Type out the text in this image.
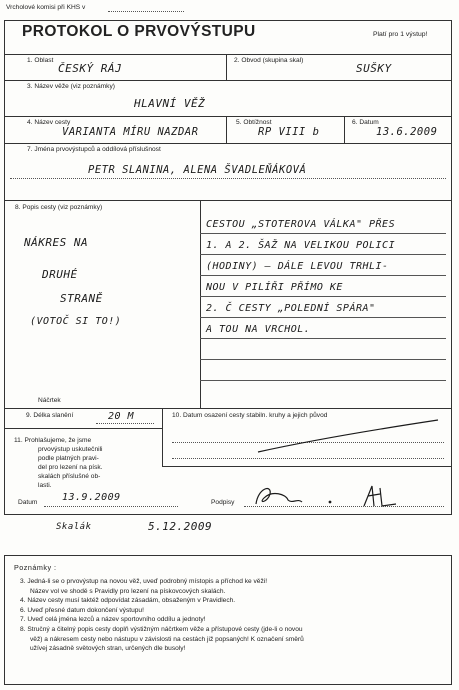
Vrcholové komisi při KHS v
PROTOKOL O PRVOVÝSTUPU	Platí pro 1 výstup!
1. Oblast
ČESKÝ RÁJ
2. Obvod (skupina skal)
SUŠKY
3. Název věže (viz poznámky)
HLAVNÍ VĚŽ
4. Název cesty
VARIANTA MÍRU NAZDAR
5. Obtížnost
RP VIII b
6. Datum
13.6.2009
7. Jména prvovýstupců a oddílová příslušnost
PETR SLANINA, ALENA ŠVADLEŇÁKOVÁ
8. Popis cesty (viz poznámky)
NÁKRES NA
DRUHÉ
STRANĚ
(VOTOČ SI TO!)
CESTOU „STOTEROVA VÁLKA" PŘES
1. A 2. ŠAŽ NA VELIKOU POLICI
(HODINY) – DÁLE LEVOU TRHLI-
NOU V PILÍŘI PŘÍMO KE
2. Č CESTY „POLEDNÍ SPÁRA"
A TOU NA VRCHOL.
Náčrtek
9. Délka slanění	20 M	10. Datum osazení cesty stabiln. kruhy a jejich původ
11. Prohlašujeme, že jsme
prvovýstup uskutečnili
podle platných pravi-
del pro lezení na písk.
skalách příslušné ob-
lasti.
Datum 13.9.2009	Podpisy
Skalák	5.12.2009
Poznámky :
3. Jedná-li se o prvovýstup na novou věž, uveď podrobný místopis a příchod ke věži!
Název vol ve shodě s Pravidly pro lezení na pískovcových skalách.
4. Název cesty musí taktéž odpovídat zásadám, obsaženým v Pravidlech.
6. Uveď přesné datum dokončení výstupu!
7. Uveď celá jména lezců a název sportovního oddílu a jednoty!
8. Stručný a čitelný popis cesty doplň výstižným náčrtkem věže a přístupové cesty (jde-li o novou
věž) a nákresem cesty nebo nástupu v závislosti na cestách již popsaných! K označení směrů
užívej zásadně světových stran, určených dle busoly!
